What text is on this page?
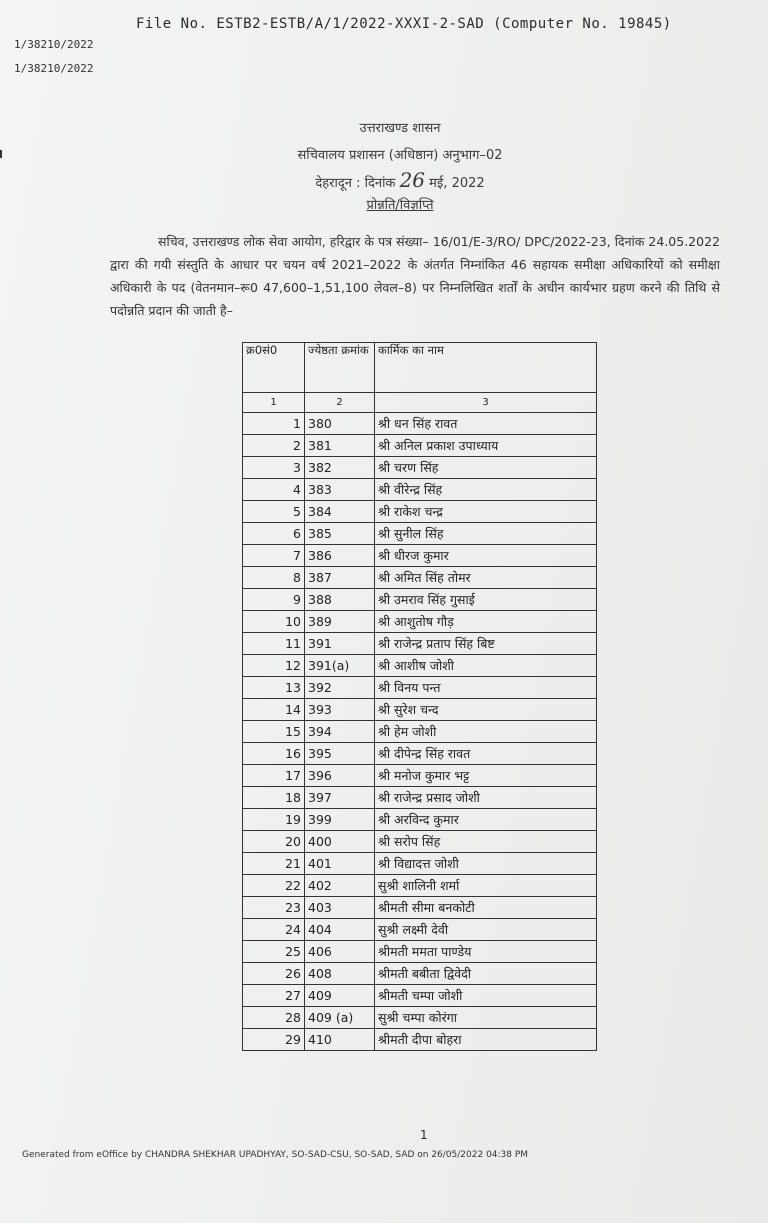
1/38210/2022
1/38210/2022
File No. ESTB2-ESTB/A/1/2022-XXXI-2-SAD (Computer No. 19845)
उत्तराखण्ड शासन
सचिवालय प्रशासन (अधिष्ठान) अनुभाग–02
देहरादून : दिनांक 26 मई, 2022
प्रोन्नति/विज्ञप्ति
सचिव, उत्तराखण्ड लोक सेवा आयोग, हरिद्वार के पत्र संख्या– 16/01/E-3/RO/ DPC/2022-23, दिनांक 24.05.2022 द्वारा की गयी संस्तुति के आधार पर चयन वर्ष 2021–2022 के अंतर्गत निम्नांकित 46 सहायक समीक्षा अधिकारियों को समीक्षा अधिकारी के पद (वेतनमान–रू0 47,600–1,51,100 लेवल–8) पर निम्नलिखित शर्तों के अधीन कार्यभार ग्रहण करने की तिथि से पदोन्नति प्रदान की जाती है–
क्र0सं0	ज्येष्ठता क्रमांक	कार्मिक का नाम
1	2	3
1	380	श्री धन सिंह रावत
2	381	श्री अनिल प्रकाश उपाध्याय
3	382	श्री चरण सिंह
4	383	श्री वीरेन्द्र सिंह
5	384	श्री राकेश चन्द्र
6	385	श्री सुनील सिंह
7	386	श्री धीरज कुमार
8	387	श्री अमित सिंह तोमर
9	388	श्री उमराव सिंह गुसाई
10	389	श्री आशुतोष गौड़
11	391	श्री राजेन्द्र प्रताप सिंह बिष्ट
12	391(a)	श्री आशीष जोशी
13	392	श्री विनय पन्त
14	393	श्री सुरेश चन्द
15	394	श्री हेम जोशी
16	395	श्री दीपेन्द्र सिंह रावत
17	396	श्री मनोज कुमार भट्ट
18	397	श्री राजेन्द्र प्रसाद जोशी
19	399	श्री अरविन्द कुमार
20	400	श्री सरोप सिंह
21	401	श्री विद्यादत्त जोशी
22	402	सुश्री शालिनी शर्मा
23	403	श्रीमती सीमा बनकोटी
24	404	सुश्री लक्ष्मी देवी
25	406	श्रीमती ममता पाण्डेय
26	408	श्रीमती बबीता द्विवेदी
27	409	श्रीमती चम्पा जोशी
28	409 (a)	सुश्री चम्पा कोरंगा
29	410	श्रीमती दीपा बोहरा
1
Generated from eOffice by CHANDRA SHEKHAR UPADHYAY, SO-SAD-CSU, SO-SAD, SAD on 26/05/2022 04:38 PM
